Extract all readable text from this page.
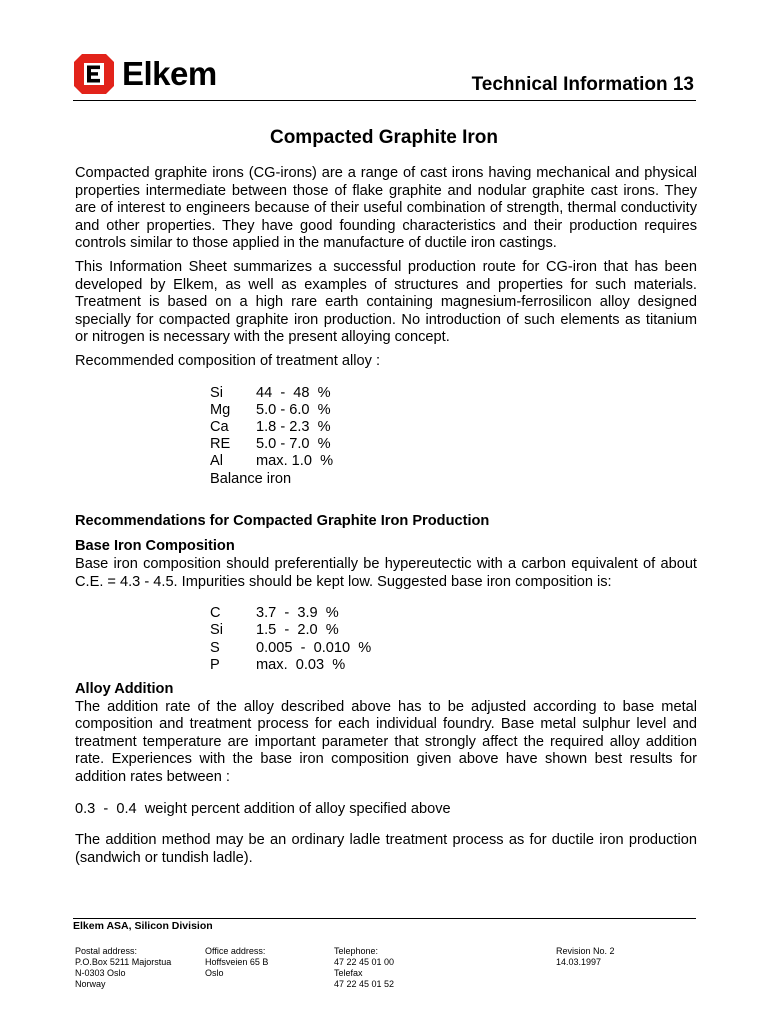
Elkem	Technical Information 13
Compacted Graphite Iron

Compacted graphite irons (CG-irons) are a range of cast irons having mechanical and physical properties intermediate between those of flake graphite and nodular graphite cast irons. They are of interest to engineers because of their useful combination of strength, thermal conductivity and other properties. They have good founding characteristics and their production requires controls similar to those applied in the manufacture of ductile iron castings.

This Information Sheet summarizes a successful production route for CG-iron that has been developed by Elkem, as well as examples of structures and properties for such materials. Treatment is based on a high rare earth containing magnesium-ferrosilicon alloy designed specially for compacted graphite iron production. No introduction of such elements as titanium or nitrogen is necessary with the present alloying concept.

Recommended composition of treatment alloy :

Si	44  -  48  %
Mg	5.0 - 6.0  %
Ca	1.8 - 2.3  %
RE	5.0 - 7.0  %
Al	max. 1.0  %
Balance iron	

Recommendations for Compacted Graphite Iron Production

Base Iron Composition

Base iron composition should preferentially be hypereutectic with a carbon equivalent of about C.E. = 4.3 - 4.5. Impurities should be kept low. Suggested base iron composition is:

C	3.7  -  3.9  %
Si	1.5  -  2.0  %
S	0.005  -  0.010  %
P	max.  0.03  %

Alloy Addition

The addition rate of the alloy described above has to be adjusted according to base metal composition and treatment process for each individual foundry. Base metal sulphur level and treatment temperature are important parameter that strongly affect the required alloy addition rate. Experiences with the base iron composition given above have shown best results for addition rates between :

0.3  -  0.4  weight percent addition of alloy specified above

The addition method may be an ordinary ladle treatment process as for ductile iron production (sandwich or tundish ladle).

Elkem ASA, Silicon Division
Postal address:
P.O.Box 5211 Majorstua
N-0303 Oslo
Norway
Office address:
Hoffsveien 65 B
Oslo
Telephone:
47 22 45 01 00
Telefax
47 22 45 01 52
Revision No. 2
14.03.1997
